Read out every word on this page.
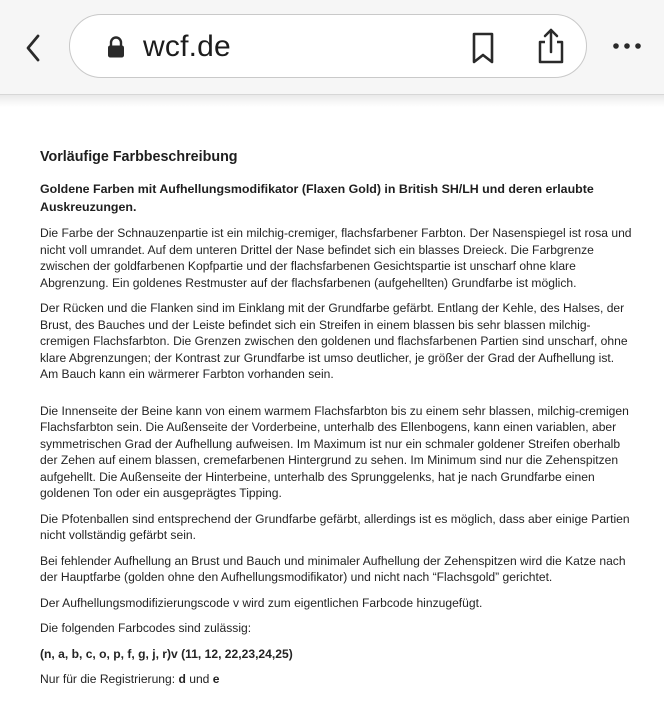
wcf.de
Vorläufige Farbbeschreibung
Goldene Farben mit Aufhellungsmodifikator (Flaxen Gold) in British SH/LH und deren erlaubte Auskreuzungen.

Die Farbe der Schnauzenpartie ist ein milchig-cremiger, flachsfarbener Farbton. Der Nasenspiegel ist rosa und nicht voll umrandet. Auf dem unteren Drittel der Nase befindet sich ein blasses Dreieck. Die Farbgrenze zwischen der goldfarbenen Kopfpartie und der flachsfarbenen Gesichtspartie ist unscharf ohne klare Abgrenzung. Ein goldenes Restmuster auf der flachsfarbenen (aufgehellten) Grundfarbe ist möglich.

Der Rücken und die Flanken sind im Einklang mit der Grundfarbe gefärbt. Entlang der Kehle, des Halses, der Brust, des Bauches und der Leiste befindet sich ein Streifen in einem blassen bis sehr blassen milchig-cremigen Flachsfarbton. Die Grenzen zwischen den goldenen und flachsfarbenen Partien sind unscharf, ohne klare Abgrenzungen; der Kontrast zur Grundfarbe ist umso deutlicher, je größer der Grad der Aufhellung ist.

Am Bauch kann ein wärmerer Farbton vorhanden sein.

Die Innenseite der Beine kann von einem warmem Flachsfarbton bis zu einem sehr blassen, milchig-cremigen Flachsfarbton sein. Die Außenseite der Vorderbeine, unterhalb des Ellenbogens, kann einen variablen, aber symmetrischen Grad der Aufhellung aufweisen. Im Maximum ist nur ein schmaler goldener Streifen oberhalb der Zehen auf einem blassen, cremefarbenen Hintergrund zu sehen. Im Minimum sind nur die Zehenspitzen aufgehellt. Die Außenseite der Hinterbeine, unterhalb des Sprunggelenks, hat je nach Grundfarbe einen goldenen Ton oder ein ausgeprägtes Tipping.

Die Pfotenballen sind entsprechend der Grundfarbe gefärbt, allerdings ist es möglich, dass aber einige Partien nicht vollständig gefärbt sein.

Bei fehlender Aufhellung an Brust und Bauch und minimaler Aufhellung der Zehenspitzen wird die Katze nach der Hauptfarbe (golden ohne den Aufhellungsmodifikator) und nicht nach “Flachsgold” gerichtet.

Der Aufhellungsmodifizierungscode v wird zum eigentlichen Farbcode hinzugefügt.

Die folgenden Farbcodes sind zulässig:

(n, a, b, c, o, p, f, g, j, r)v (11, 12, 22,23,24,25)

Nur für die Registrierung: d und e
